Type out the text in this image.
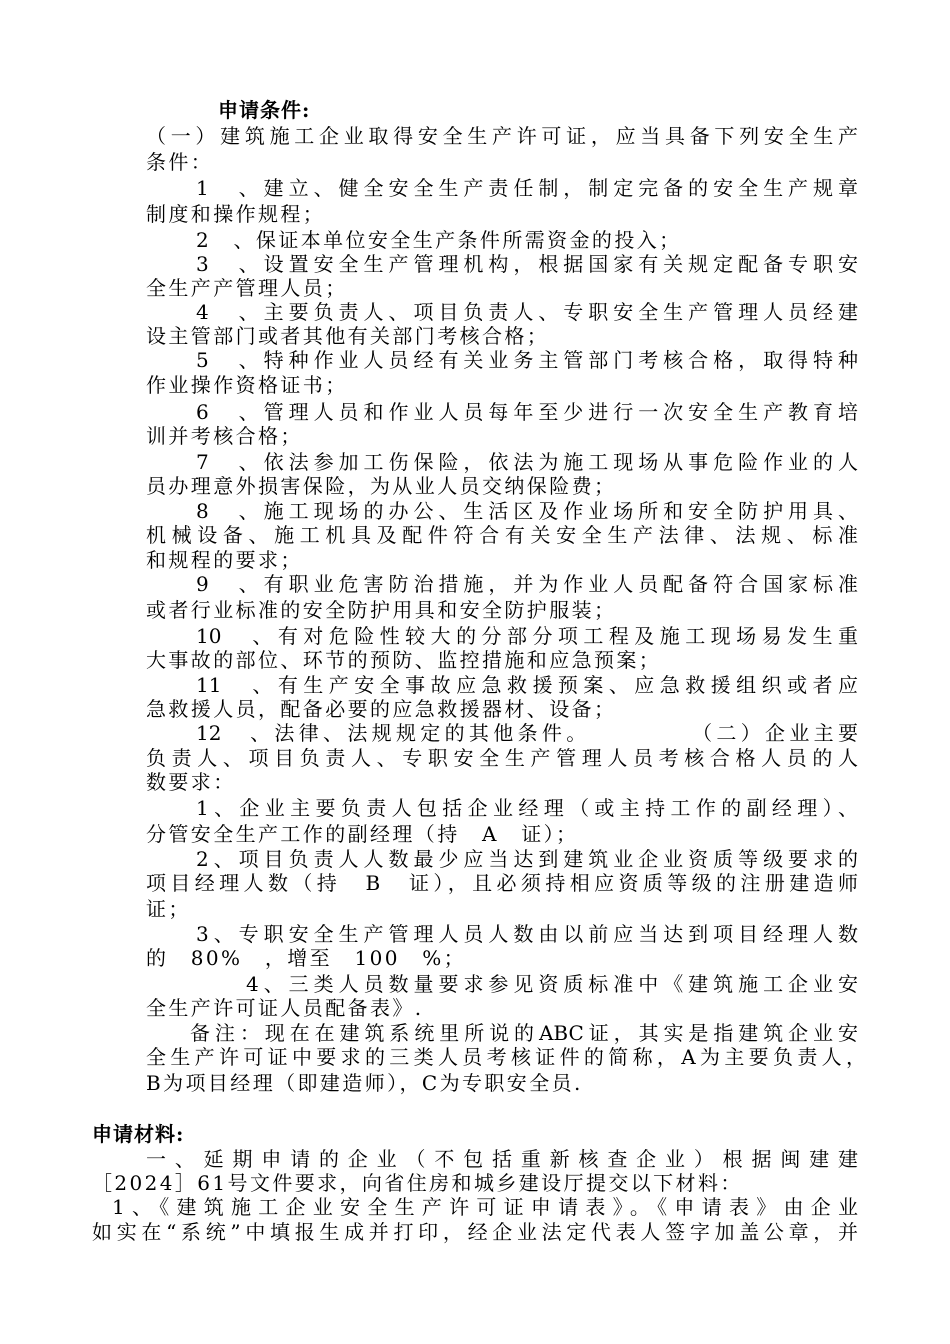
申请条件:
（一）建筑施工企业取得安全生产许可证，应当具备下列安全生产
条件：
1　、建立、健全安全生产责任制，制定完备的安全生产规章
制度和操作规程；
2　、保证本单位安全生产条件所需资金的投入；
3　、设置安全生产管理机构，根据国家有关规定配备专职安
全生产产管理人员；
4　、主要负责人、项目负责人、专职安全生产管理人员经建
设主管部门或者其他有关部门考核合格；
5　、特种作业人员经有关业务主管部门考核合格，取得特种
作业操作资格证书；
6　、管理人员和作业人员每年至少进行一次安全生产教育培
训并考核合格；
7　、依法参加工伤保险，依法为施工现场从事危险作业的人
员办理意外损害保险，为从业人员交纳保险费；
8　、施工现场的办公、生活区及作业场所和安全防护用具、
机械设备、施工机具及配件符合有关安全生产法律、法规、标准
和规程的要求；
9　、有职业危害防治措施，并为作业人员配备符合国家标准
或者行业标准的安全防护用具和安全防护服装；
10　、有对危险性较大的分部分项工程及施工现场易发生重
大事故的部位、环节的预防、监控措施和应急预案；
11　、有生产安全事故应急救援预案、应急救援组织或者应
急救援人员，配备必要的应急救援器材、设备；
12　、法律、法规规定的其他条件。　　　　　（二）企业主要
负责人、项目负责人、专职安全生产管理人员考核合格人员的人
数要求：
1、企业主要负责人包括企业经理（或主持工作的副经理）、
分管安全生产工作的副经理（持　A　证）；
2、项目负责人人数最少应当达到建筑业企业资质等级要求的
项目经理人数（持　B　证），且必须持相应资质等级的注册建造师
证；
3、专职安全生产管理人员人数由以前应当达到项目经理人数
的　80%　，增至　100　%；
4、三类人员数量要求参见资质标准中《建筑施工企业安
全生产许可证人员配备表》.
备注：现在在建筑系统里所说的ABC证，其实是指建筑企业安
全生产许可证中要求的三类人员考核证件的简称，A为主要负责人，
B为项目经理（即建造师），C为专职安全员.
申请材料:
一、延期申请的企业（不包括重新核查企业）根据闽建建
［2024］61号文件要求，向省住房和城乡建设厅提交以下材料：
1、《建筑施工企业安全生产许可证申请表》。《申请表》由企业
如实在“系统”中填报生成并打印，经企业法定代表人签字加盖公章，并
